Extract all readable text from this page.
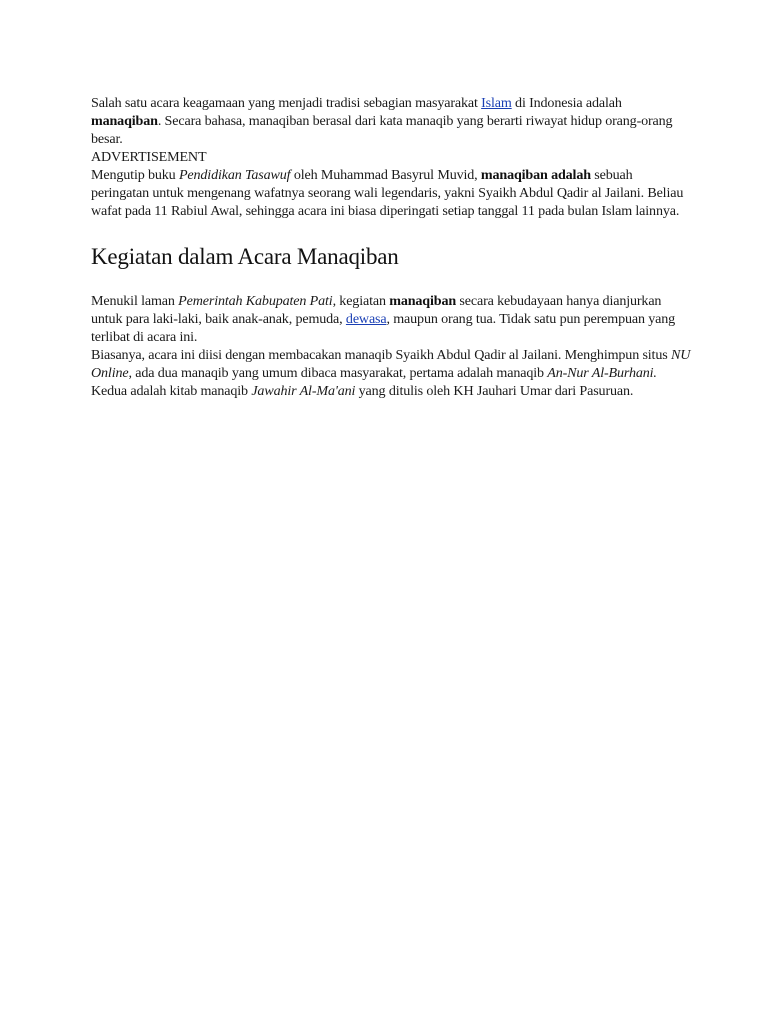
Salah satu acara keagamaan yang menjadi tradisi sebagian masyarakat Islam di Indonesia adalah manaqiban. Secara bahasa, manaqiban berasal dari kata manaqib yang berarti riwayat hidup orang-orang besar.

ADVERTISEMENT

Mengutip buku Pendidikan Tasawuf oleh Muhammad Basyrul Muvid, manaqiban adalah sebuah peringatan untuk mengenang wafatnya seorang wali legendaris, yakni Syaikh Abdul Qadir al Jailani. Beliau wafat pada 11 Rabiul Awal, sehingga acara ini biasa diperingati setiap tanggal 11 pada bulan Islam lainnya.

Kegiatan dalam Acara Manaqiban

Menukil laman Pemerintah Kabupaten Pati, kegiatan manaqiban secara kebudayaan hanya dianjurkan untuk para laki-laki, baik anak-anak, pemuda, dewasa, maupun orang tua. Tidak satu pun perempuan yang terlibat di acara ini.

Biasanya, acara ini diisi dengan membacakan manaqib Syaikh Abdul Qadir al Jailani. Menghimpun situs NU Online, ada dua manaqib yang umum dibaca masyarakat, pertama adalah manaqib An-Nur Al-Burhani. Kedua adalah kitab manaqib Jawahir Al-Ma'ani yang ditulis oleh KH Jauhari Umar dari Pasuruan.
